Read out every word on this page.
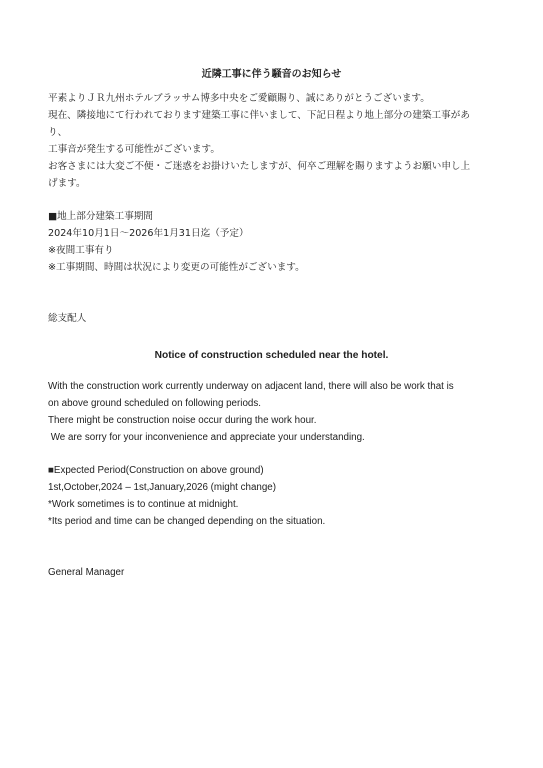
近隣工事に伴う騒音のお知らせ
平素よりＪＲ九州ホテルブラッサム博多中央をご愛顧賜り、誠にありがとうございます。
現在、隣接地にて行われております建築工事に伴いまして、下記日程より地上部分の建築工事があ
り、
工事音が発生する可能性がございます。
お客さまには大変ご不便・ご迷惑をお掛けいたしますが、何卒ご理解を賜りますようお願い申し上
げます。
■地上部分建築工事期間
2024年10月1日～2026年1月31日迄（予定）
※夜間工事有り
※工事期間、時間は状況により変更の可能性がございます。
総支配人
Notice of construction scheduled near the hotel.
With the construction work currently underway on adjacent land, there will also be work that is
on above ground scheduled on following periods.
There might be construction noise occur during the work hour.
We are sorry for your inconvenience and appreciate your understanding.
■Expected Period(Construction on above ground)
1st,October,2024 – 1st,January,2026 (might change)
*Work sometimes is to continue at midnight.
*Its period and time can be changed depending on the situation.
General Manager
